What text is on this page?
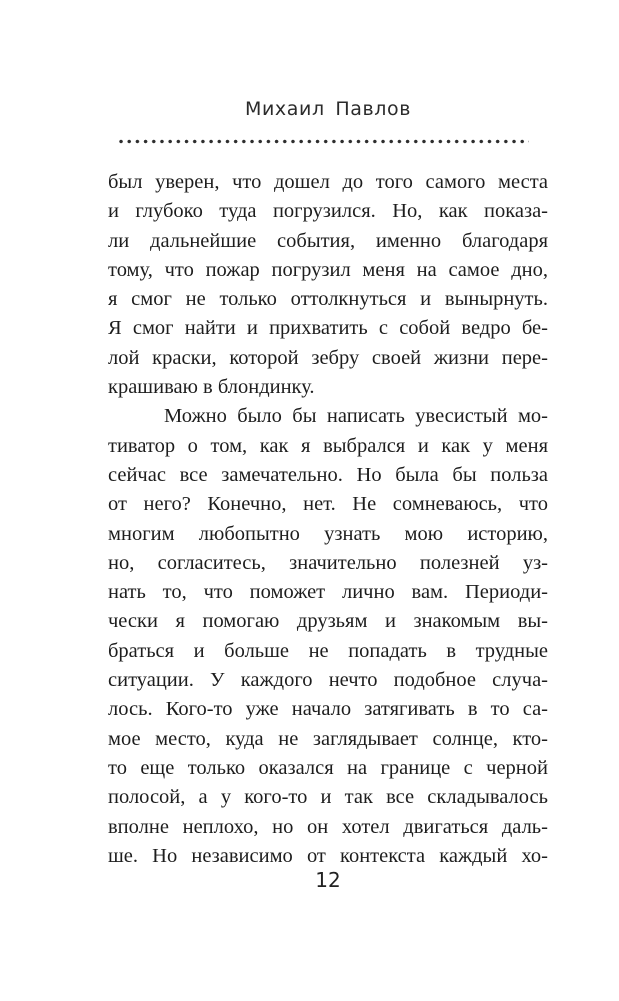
Михаил Павлов
был уверен, что дошел до того самого места
и глубоко туда погрузился. Но, как показа-
ли дальнейшие события, именно благодаря
тому, что пожар погрузил меня на самое дно,
я смог не только оттолкнуться и вынырнуть.
Я смог найти и прихватить с собой ведро бе-
лой краски, которой зебру своей жизни пере-
крашиваю в блондинку.
Можно было бы написать увесистый мо-
тиватор о том, как я выбрался и как у меня
сейчас все замечательно. Но была бы польза
от него? Конечно, нет. Не сомневаюсь, что
многим любопытно узнать мою историю,
но, согласитесь, значительно полезней уз-
нать то, что поможет лично вам. Периоди-
чески я помогаю друзьям и знакомым вы-
браться и больше не попадать в трудные
ситуации. У каждого нечто подобное случа-
лось. Кого-то уже начало затягивать в то са-
мое место, куда не заглядывает солнце, кто-
то еще только оказался на границе с черной
полосой, а у кого-то и так все складывалось
вполне неплохо, но он хотел двигаться даль-
ше. Но независимо от контекста каждый хо-
12
